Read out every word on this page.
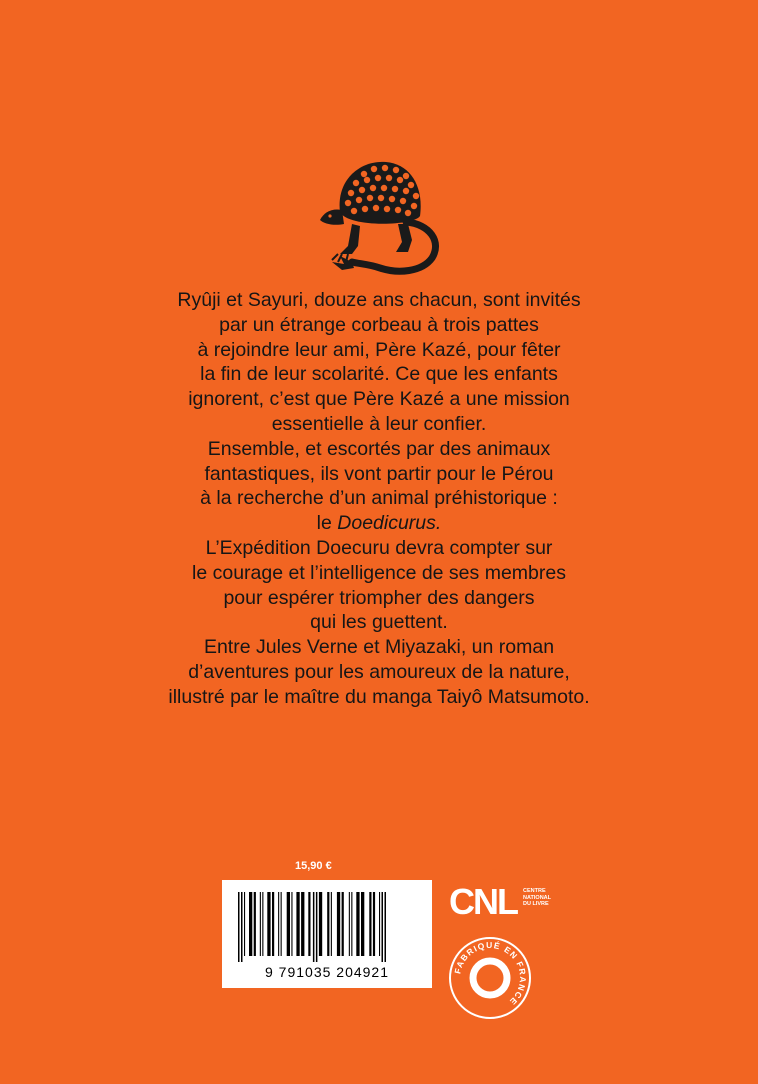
Ryûji et Sayuri, douze ans chacun, sont invités

par un étrange corbeau à trois pattes

à rejoindre leur ami, Père Kazé, pour fêter

la fin de leur scolarité. Ce que les enfants

ignorent, c’est que Père Kazé a une mission

essentielle à leur confier.

Ensemble, et escortés par des animaux

fantastiques, ils vont partir pour le Pérou

à la recherche d’un animal préhistorique :

le Doedicurus.

L’Expédition Doecuru devra compter sur

le courage et l’intelligence de ses membres

pour espérer triompher des dangers

qui les guettent.

Entre Jules Verne et Miyazaki, un roman

d’aventures pour les amoureux de la nature,

illustré par le maître du manga Taiyô Matsumoto.

15,90 €
9 791035 204921
CNL CENTRE
NATIONAL
DU LIVRE
FABRIQUÉ EN FRANCE
